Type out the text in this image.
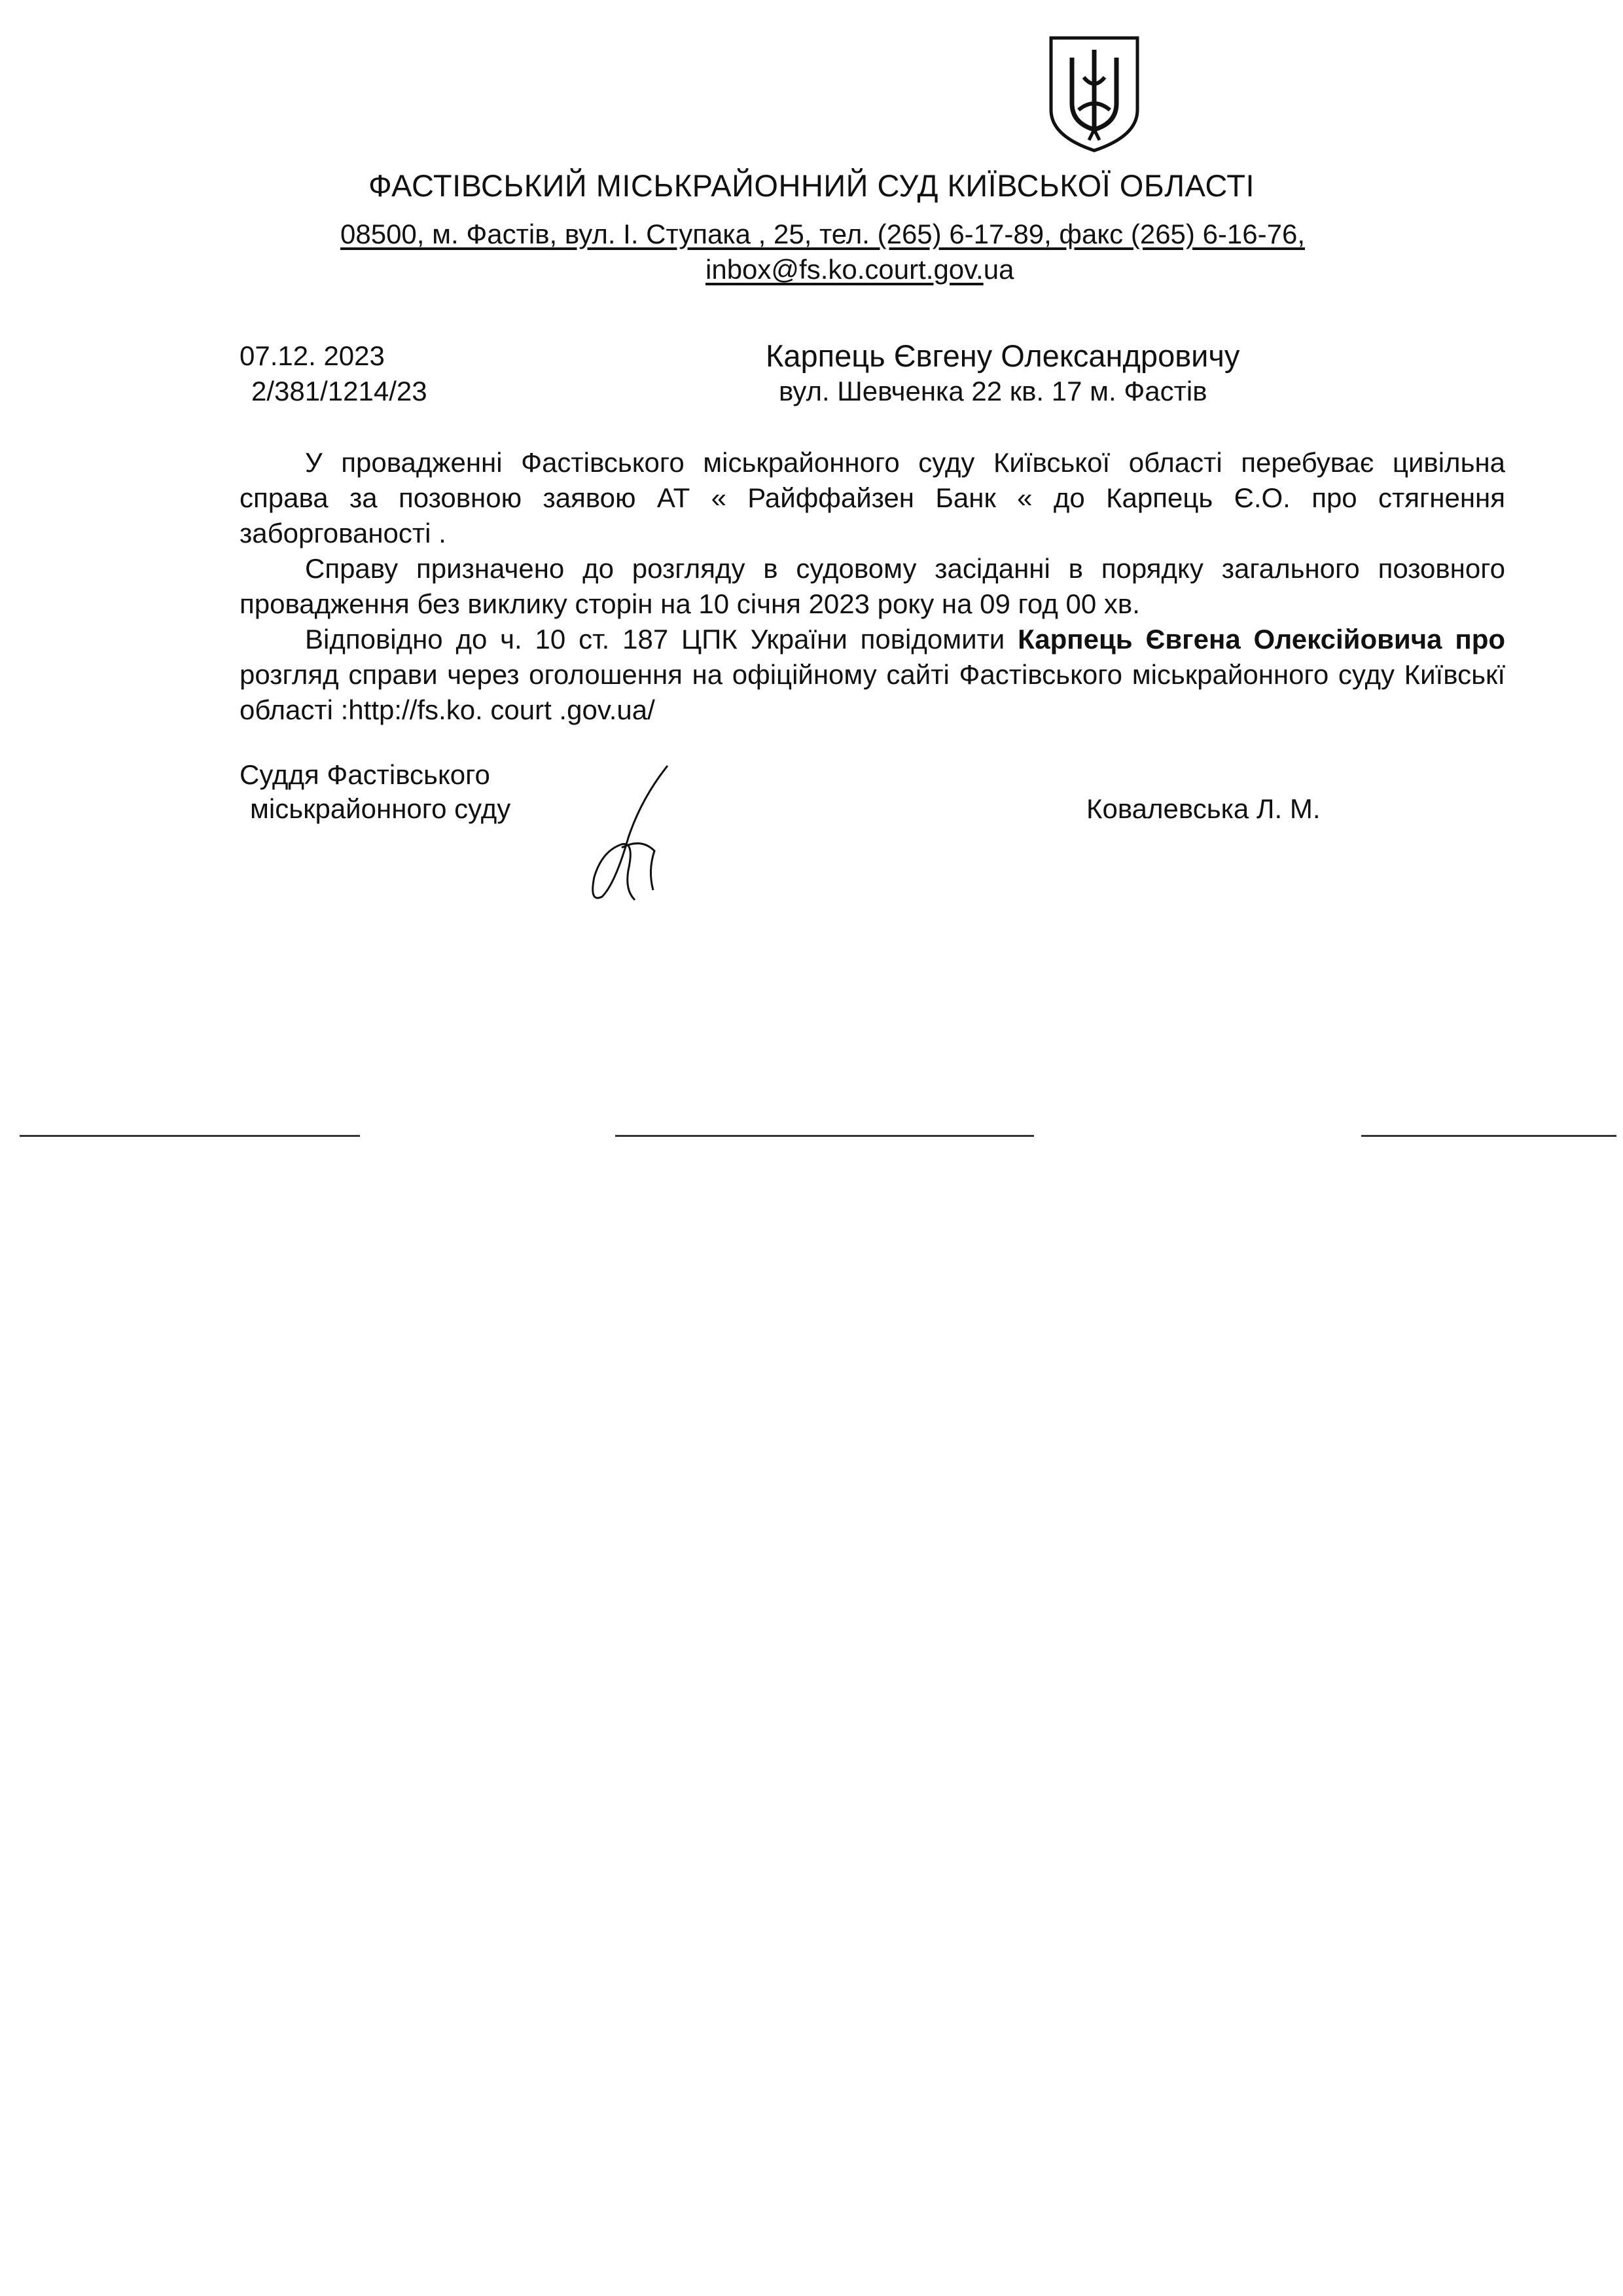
ФАСТІВСЬКИЙ МІСЬКРАЙОННИЙ СУД КИЇВСЬКОЇ ОБЛАСТІ
08500, м. Фастів, вул. І. Ступака , 25, тел. (265) 6-17-89, факс (265) 6-16-76,
inbox@fs.ko.court.gov.ua
07.12. 2023
2/381/1214/23
Карпець Євгену Олександровичу
вул. Шевченка 22 кв. 17 м. Фастів

У провадженні Фастівського міськрайонного суду Київської області перебуває цивільна справа за позовною заявою АТ « Райффайзен Банк « до Карпець Є.О. про стягнення заборгованості .

Справу призначено до розгляду в судовому засіданні в порядку загального позовного провадження без виклику сторін на 10 січня 2023 року на 09 год 00 хв.

Відповідно до ч. 10 ст. 187 ЦПК України повідомити Карпець Євгена Олексійовича про розгляд справи через оголошення на офіційному сайті Фастівського міськрайонного суду Київськї області :http://fs.ko. court .gov.ua/

Суддя Фастівського
міськрайонного суду	Ковалевська Л. М.
